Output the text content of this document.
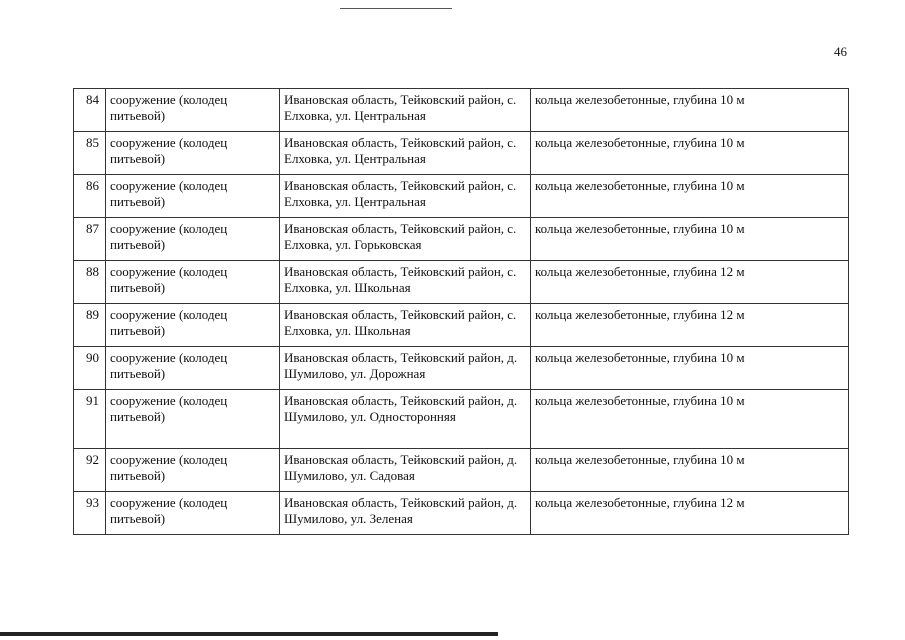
46
84	сооружение (колодец питьевой)	Ивановская область, Тейковский район, с. Елховка, ул. Центральная	кольца железобетонные, глубина 10 м
85	сооружение (колодец питьевой)	Ивановская область, Тейковский район, с. Елховка, ул. Центральная	кольца железобетонные, глубина 10 м
86	сооружение (колодец питьевой)	Ивановская область, Тейковский район, с. Елховка, ул. Центральная	кольца железобетонные, глубина 10 м
87	сооружение (колодец питьевой)	Ивановская область, Тейковский район, с. Елховка, ул. Горьковская	кольца железобетонные, глубина 10 м
88	сооружение (колодец питьевой)	Ивановская область, Тейковский район, с. Елховка, ул. Школьная	кольца железобетонные, глубина 12 м
89	сооружение (колодец питьевой)	Ивановская область, Тейковский район, с. Елховка, ул. Школьная	кольца железобетонные, глубина 12 м
90	сооружение (колодец питьевой)	Ивановская область, Тейковский район, д. Шумилово, ул. Дорожная	кольца железобетонные, глубина 10 м
91	сооружение (колодец питьевой)	Ивановская область, Тейковский район, д. Шумилово, ул. Односторонняя	кольца железобетонные, глубина 10 м
92	сооружение (колодец питьевой)	Ивановская область, Тейковский район, д. Шумилово, ул. Садовая	кольца железобетонные, глубина 10 м
93	сооружение (колодец питьевой)	Ивановская область, Тейковский район, д. Шумилово, ул. Зеленая	кольца железобетонные, глубина 12 м
